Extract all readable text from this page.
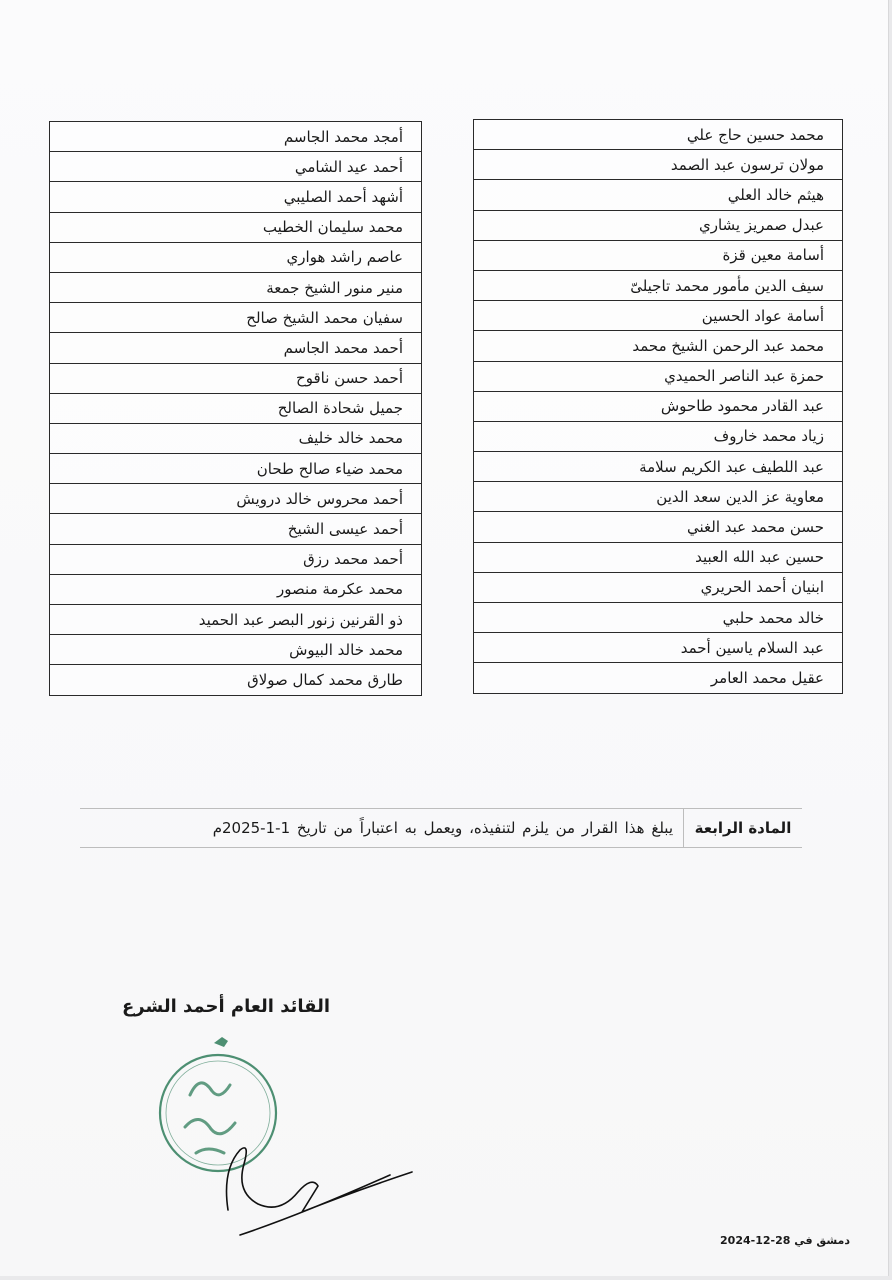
محمد حسين حاج علي
مولان ترسون عبد الصمد
هيثم خالد العلي
عبدل صمريز يشاري
أسامة معين قزة
سيف الدين مأمور محمد تاجيلىّ
أسامة عواد الحسين
محمد عبد الرحمن الشيخ محمد
حمزة عبد الناصر الحميدي
عبد القادر محمود طاحوش
زياد محمد خاروف
عبد اللطيف عبد الكريم سلامة
معاوية عز الدين سعد الدين
حسن محمد عبد الغني
حسين عبد الله العبيد
ابنيان أحمد الحريري
خالد محمد حلبي
عبد السلام ياسين أحمد
عقيل محمد العامر
أمجد محمد الجاسم
أحمد عيد الشامي
أشهد أحمد الصليبي
محمد سليمان الخطيب
عاصم راشد هواري
منير منور الشيخ جمعة
سفيان محمد الشيخ صالح
أحمد محمد الجاسم
أحمد حسن ناقوح
جميل شحادة الصالح
محمد خالد خليف
محمد ضياء صالح طحان
أحمد محروس خالد درويش
أحمد عيسى الشيخ
أحمد محمد رزق
محمد عكرمة منصور
ذو القرنين زنور البصر عبد الحميد
محمد خالد البيوش
طارق محمد كمال صولاق
المادة الرابعة
يبلغ هذا القرار من يلزم لتنفيذه، ويعمل به اعتباراً من تاريخ 1-1-2025م
القائد العام أحمد الشرع
دمشق في 28-12-2024
